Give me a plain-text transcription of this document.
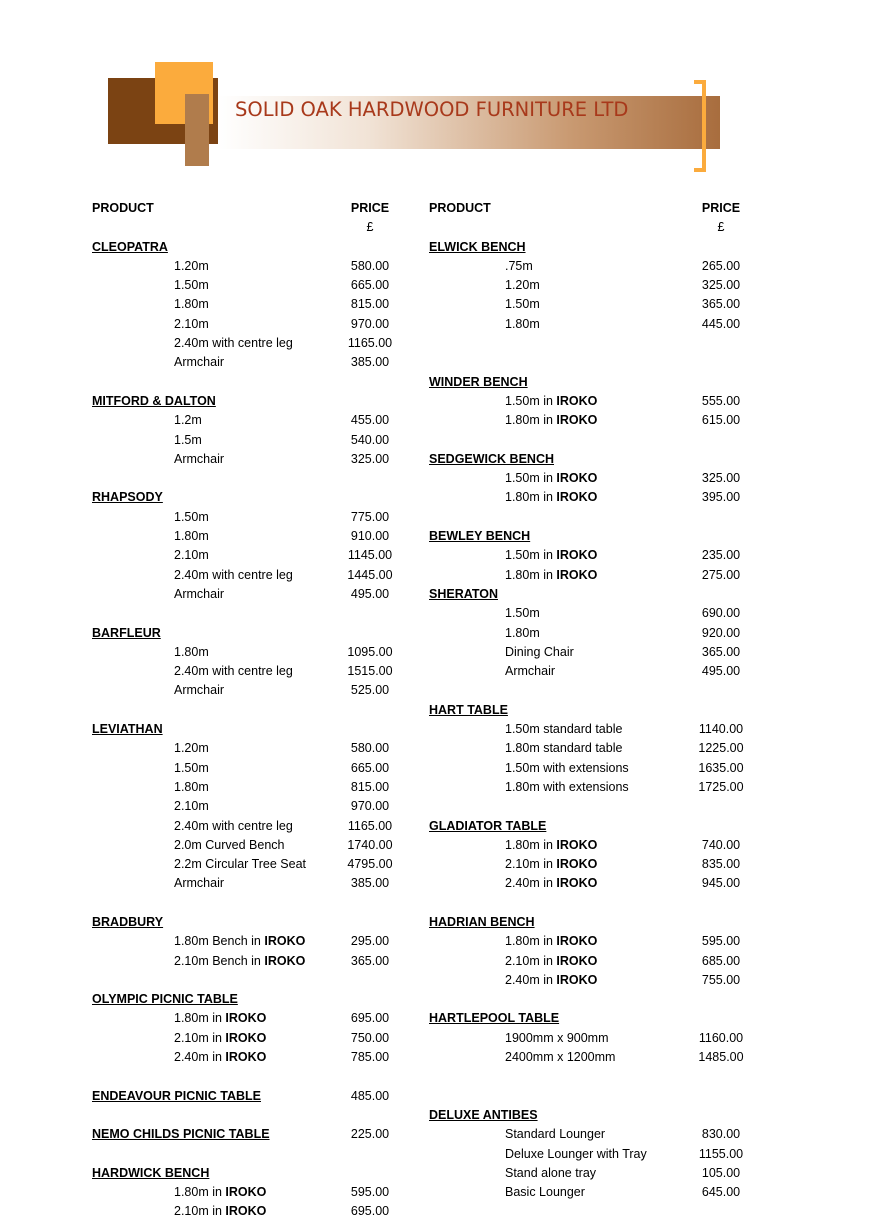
SOLID OAK HARDWOOD FURNITURE LTD
PRODUCT	PRICE
£
CLEOPATRA
1.20m	580.00
1.50m	665.00
1.80m	815.00
2.10m	970.00
2.40m with centre leg	1165.00
Armchair	385.00
MITFORD & DALTON
1.2m	455.00
1.5m	540.00
Armchair	325.00
RHAPSODY
1.50m	775.00
1.80m	910.00
2.10m	1145.00
2.40m with centre leg	1445.00
Armchair	495.00
BARFLEUR
1.80m	1095.00
2.40m with centre leg	1515.00
Armchair	525.00
LEVIATHAN
1.20m	580.00
1.50m	665.00
1.80m	815.00
2.10m	970.00
2.40m with centre leg	1165.00
2.0m Curved Bench	1740.00
2.2m Circular Tree Seat	4795.00
Armchair	385.00
BRADBURY
1.80m Bench in IROKO	295.00
2.10m Bench in IROKO	365.00
OLYMPIC PICNIC TABLE
1.80m in IROKO	695.00
2.10m in IROKO	750.00
2.40m in IROKO	785.00
ENDEAVOUR PICNIC TABLE	485.00
NEMO CHILDS PICNIC TABLE	225.00
HARDWICK BENCH
1.80m in IROKO	595.00
2.10m in IROKO	695.00
PRODUCT	PRICE
£
ELWICK BENCH
.75m	265.00
1.20m	325.00
1.50m	365.00
1.80m	445.00
WINDER BENCH
1.50m in IROKO	555.00
1.80m in IROKO	615.00
SEDGEWICK BENCH
1.50m in IROKO	325.00
1.80m in IROKO	395.00
BEWLEY BENCH
1.50m in IROKO	235.00
1.80m in IROKO	275.00
SHERATON
1.50m	690.00
1.80m	920.00
Dining Chair	365.00
Armchair	495.00
HART TABLE
1.50m standard table	1140.00
1.80m standard table	1225.00
1.50m with extensions	1635.00
1.80m with extensions	1725.00
GLADIATOR TABLE
1.80m in IROKO	740.00
2.10m in IROKO	835.00
2.40m in IROKO	945.00
HADRIAN BENCH
1.80m in IROKO	595.00
2.10m in IROKO	685.00
2.40m in IROKO	755.00
HARTLEPOOL TABLE
1900mm x 900mm	1160.00
2400mm x 1200mm	1485.00
DELUXE ANTIBES
Standard Lounger	830.00
Deluxe Lounger with Tray	1155.00
Stand alone tray	105.00
Basic Lounger	645.00
